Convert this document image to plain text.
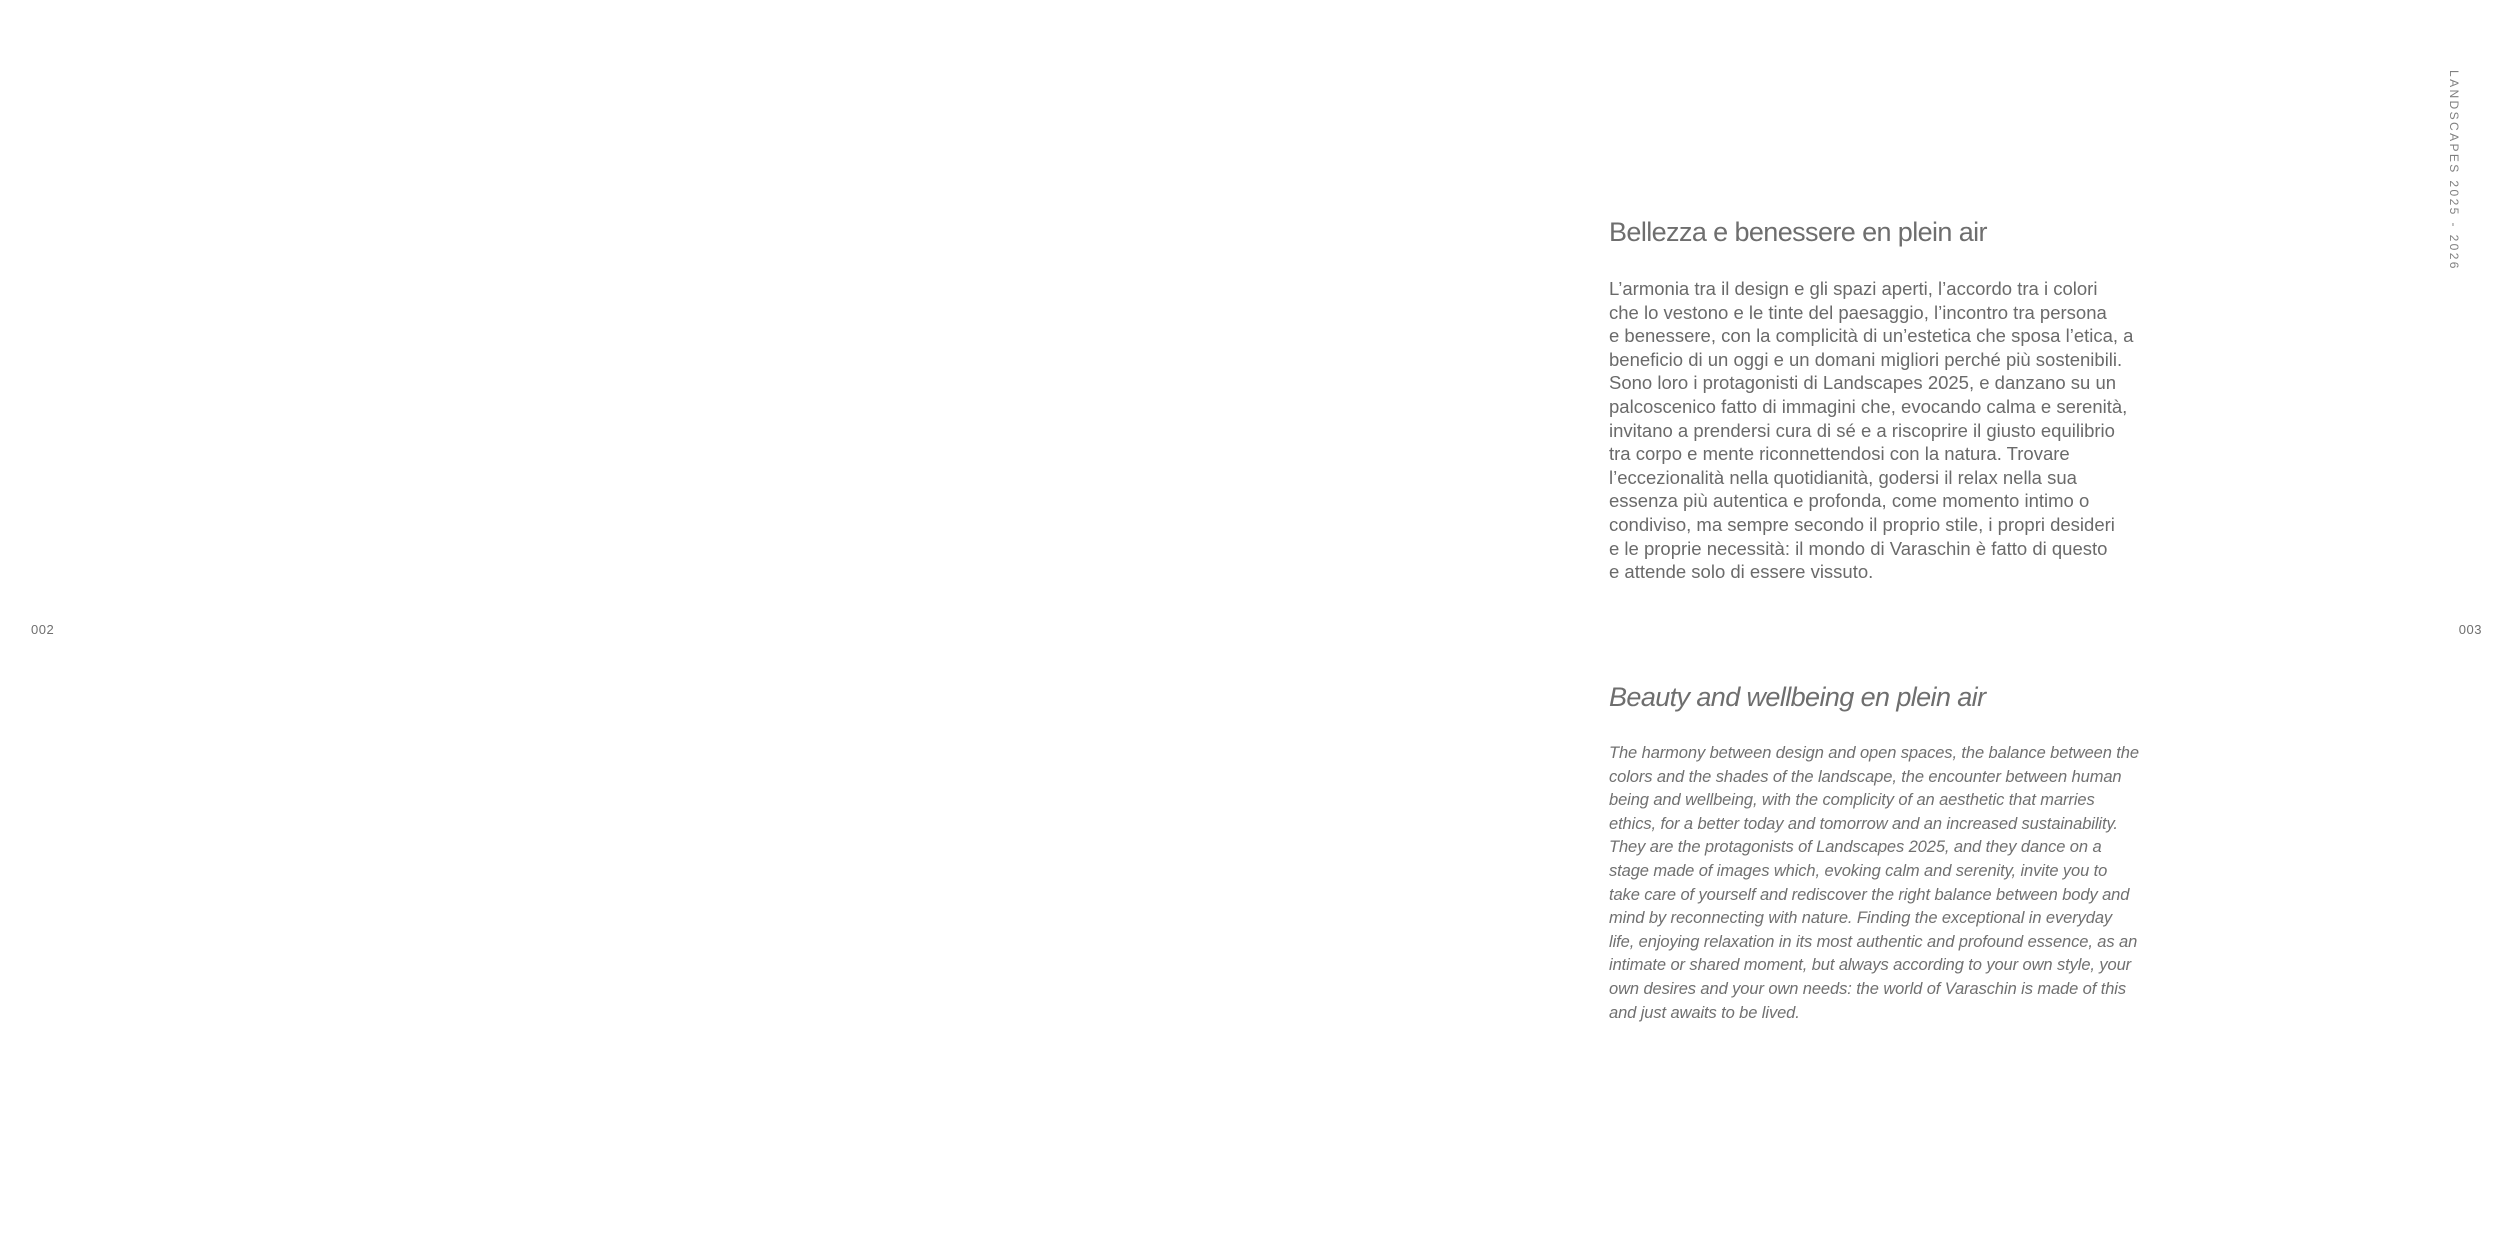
002	003
LANDSCAPES 2025 - 2026
Bellezza e benessere en plein air

L’armonia tra il design e gli spazi aperti, l’accordo tra i colori
che lo vestono e le tinte del paesaggio, l’incontro tra persona
e benessere, con la complicità di un’estetica che sposa l’etica, a
beneficio di un oggi e un domani migliori perché più sostenibili.
Sono loro i protagonisti di Landscapes 2025, e danzano su un
palcoscenico fatto di immagini che, evocando calma e serenità,
invitano a prendersi cura di sé e a riscoprire il giusto equilibrio
tra corpo e mente riconnettendosi con la natura. Trovare
l’eccezionalità nella quotidianità, godersi il relax nella sua
essenza più autentica e profonda, come momento intimo o
condiviso, ma sempre secondo il proprio stile, i propri desideri
e le proprie necessità: il mondo di Varaschin è fatto di questo
e attende solo di essere vissuto.

Beauty and wellbeing en plein air

The harmony between design and open spaces, the balance between the
colors and the shades of the landscape, the encounter between human
being and wellbeing, with the complicity of an aesthetic that marries
ethics, for a better today and tomorrow and an increased sustainability.
They are the protagonists of Landscapes 2025, and they dance on a
stage made of images which, evoking calm and serenity, invite you to
take care of yourself and rediscover the right balance between body and
mind by reconnecting with nature. Finding the exceptional in everyday
life, enjoying relaxation in its most authentic and profound essence, as an
intimate or shared moment, but always according to your own style, your
own desires and your own needs: the world of Varaschin is made of this
and just awaits to be lived.
